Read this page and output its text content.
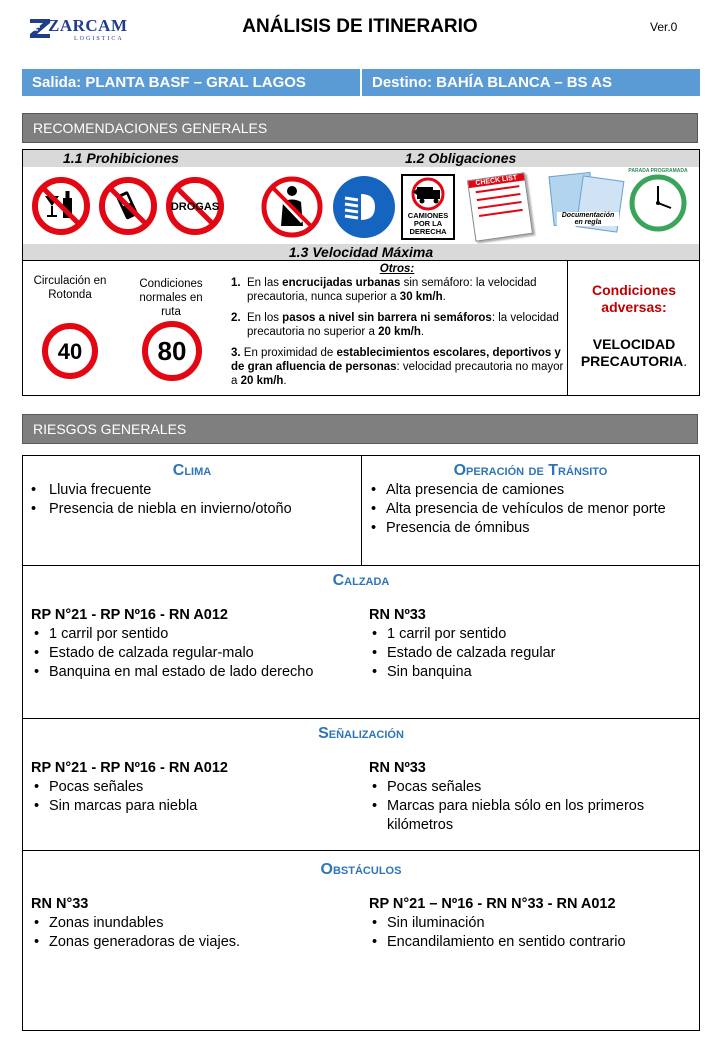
ZARCAM
LOGISTICA
ANÁLISIS DE ITINERARIO	Ver.0
Salida: PLANTA BASF – GRAL LAGOS	Destino: BAHÍA BLANCA – BS AS
RECOMENDACIONES GENERALES
1.1 Prohibiciones	1.2 Obligaciones
DROGAS
CAMIONES POR LA DERECHA
CHECK LIST
Documentación en regla
PARADA PROGRAMADA
1.3 Velocidad Máxima
Circulación en Rotonda
40
Condiciones normales en ruta
80
Otros:
1. En las encrucijadas urbanas sin semáforo: la velocidad precautoria, nunca superior a 30 km/h.
2. En los pasos a nivel sin barrera ni semáforos: la velocidad precautoria no superior a 20 km/h.
3. En proximidad de establecimientos escolares, deportivos y de gran afluencia de personas: velocidad precautoria no mayor a 20 km/h.
Condiciones adversas:
VELOCIDAD PRECAUTORIA.
RIESGOS GENERALES
Clima
• Lluvia frecuente
• Presencia de niebla en invierno/otoño
Operación de Tránsito
• Alta presencia de camiones
• Alta presencia de vehículos de menor porte
• Presencia de ómnibus
Calzada
RP N°21 - RP Nº16 - RN A012
• 1 carril por sentido
• Estado de calzada regular-malo
• Banquina en mal estado de lado derecho
RN Nº33
• 1 carril por sentido
• Estado de calzada regular
• Sin banquina
Señalización
RP N°21 - RP Nº16 - RN A012
• Pocas señales
• Sin marcas para niebla
RN Nº33
• Pocas señales
• Marcas para niebla sólo en los primeros kilómetros
Obstáculos
RN N°33
• Zonas inundables
• Zonas generadoras de viajes.
RP N°21 – Nº16 - RN N°33 - RN A012
• Sin iluminación
• Encandilamiento en sentido contrario
